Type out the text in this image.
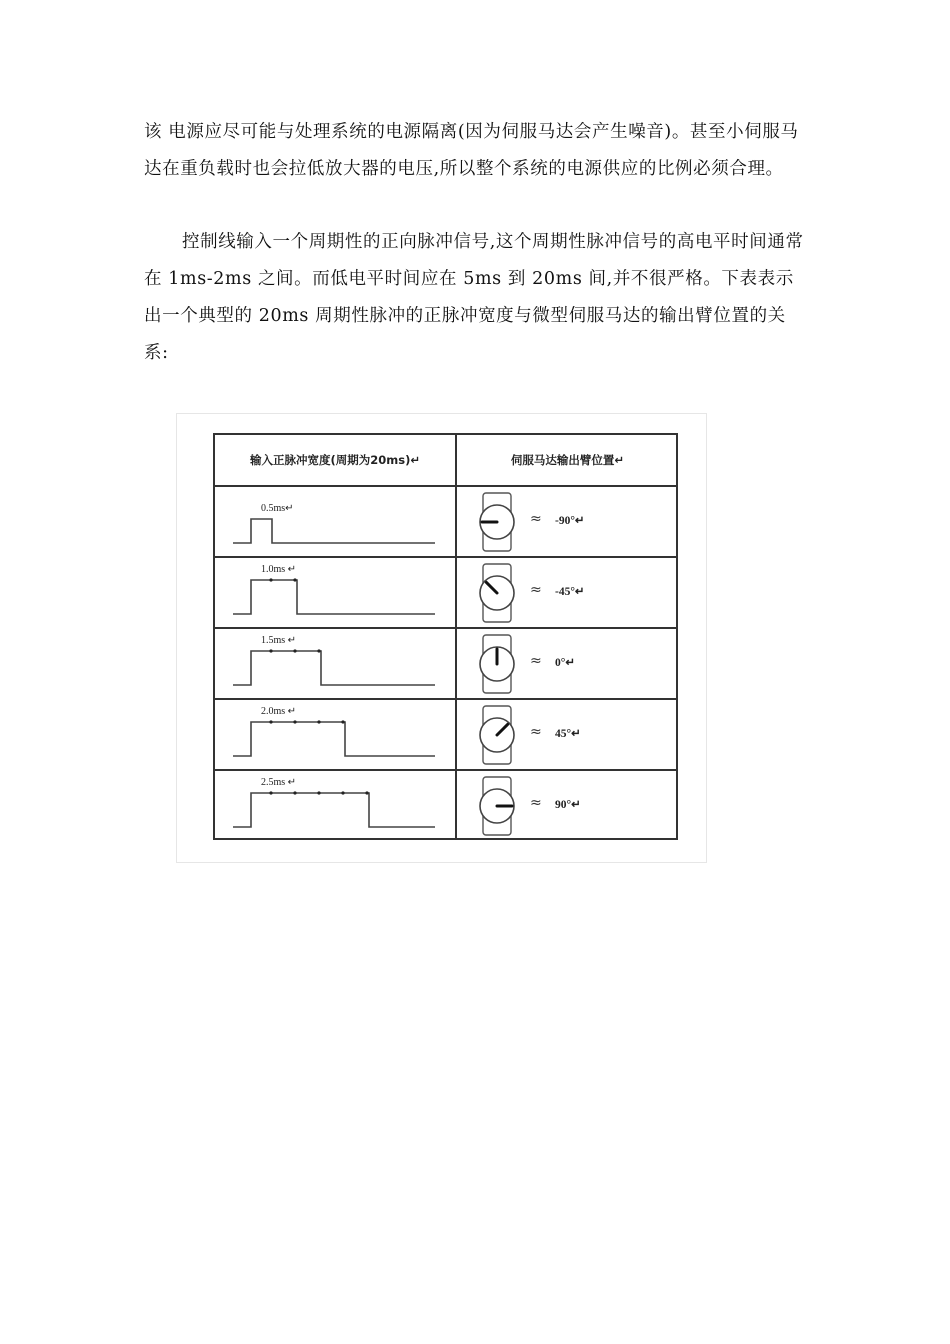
该 电源应尽可能与处理系统的电源隔离(因为伺服马达会产生噪音)。甚至小伺服马达在重负载时也会拉低放大器的电压,所以整个系统的电源供应的比例必须合理。

控制线输入一个周期性的正向脉冲信号,这个周期性脉冲信号的高电平时间通常在 1ms-2ms 之间。而低电平时间应在 5ms 到 20ms 间,并不很严格。下表表示出一个典型的 20ms 周期性脉冲的正脉冲宽度与微型伺服马达的输出臂位置的关系:

输入正脉冲宽度(周期为20ms)↵	伺服马达输出臂位置↵
0.5ms↵
≈ -90°↵
1.0ms ↵
≈ -45°↵
1.5ms ↵
≈ 0°↵
2.0ms ↵
≈ 45°↵
2.5ms ↵
≈ 90°↵
